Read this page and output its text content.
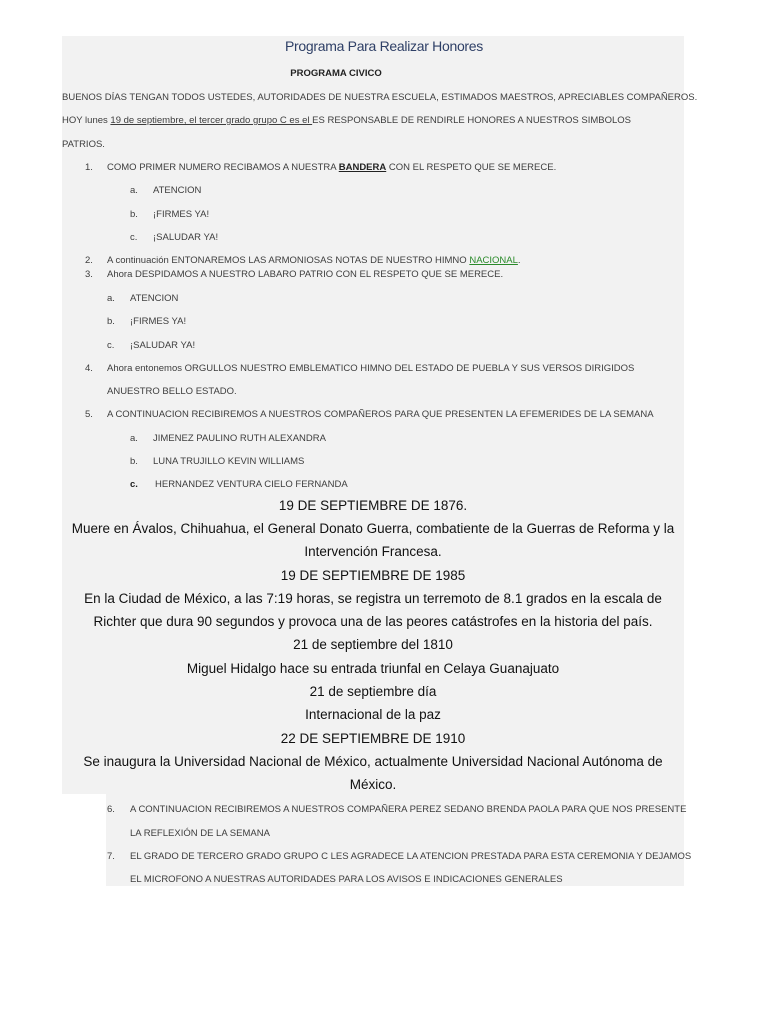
Programa Para Realizar Honores
PROGRAMA CIVICO
BUENOS DÍAS TENGAN TODOS USTEDES, AUTORIDADES DE NUESTRA ESCUELA, ESTIMADOS MAESTROS, APRECIABLES COMPAÑEROS.
HOY lunes 19 de septiembre, el tercer grado grupo C es el ES RESPONSABLE DE RENDIRLE HONORES A NUESTROS SIMBOLOS
PATRIOS.
1. COMO PRIMER NUMERO RECIBAMOS A NUESTRA BANDERA CON EL RESPETO QUE SE MERECE.
a. ATENCION
b. ¡FIRMES YA!
c. ¡SALUDAR YA!
2. A continuación ENTONAREMOS LAS ARMONIOSAS NOTAS DE NUESTRO HIMNO NACIONAL.
3. Ahora DESPIDAMOS A NUESTRO LABARO PATRIO CON EL RESPETO QUE SE MERECE.
a. ATENCION
b. ¡FIRMES YA!
c. ¡SALUDAR YA!
4. Ahora entonemos ORGULLOS NUESTRO EMBLEMATICO HIMNO DEL ESTADO DE PUEBLA Y SUS VERSOS DIRIGIDOS
ANUESTRO BELLO ESTADO.
5. A CONTINUACION RECIBIREMOS A NUESTROS COMPAÑEROS PARA QUE PRESENTEN LA EFEMERIDES DE LA SEMANA
a. JIMENEZ PAULINO RUTH ALEXANDRA
b. LUNA TRUJILLO KEVIN WILLIAMS
c. HERNANDEZ VENTURA CIELO FERNANDA
19 DE SEPTIEMBRE DE 1876.
Muere en Ávalos, Chihuahua, el General Donato Guerra, combatiente de la Guerras de Reforma y la
Intervención Francesa.
19 DE SEPTIEMBRE DE 1985
En la Ciudad de México, a las 7:19 horas, se registra un terremoto de 8.1 grados en la escala de
Richter que dura 90 segundos y provoca una de las peores catástrofes en la historia del país.
21 de septiembre del 1810
Miguel Hidalgo hace su entrada triunfal en Celaya Guanajuato
21 de septiembre día
Internacional de la paz
22 DE SEPTIEMBRE DE 1910
Se inaugura la Universidad Nacional de México, actualmente Universidad Nacional Autónoma de
México.
6. A CONTINUACION RECIBIREMOS A NUESTROS COMPAÑERA PEREZ SEDANO BRENDA PAOLA PARA QUE NOS PRESENTE
LA REFLEXIÓN DE LA SEMANA
7. EL GRADO DE TERCERO GRADO GRUPO C LES AGRADECE LA ATENCION PRESTADA PARA ESTA CEREMONIA Y DEJAMOS
EL MICROFONO A NUESTRAS AUTORIDADES PARA LOS AVISOS E INDICACIONES GENERALES
